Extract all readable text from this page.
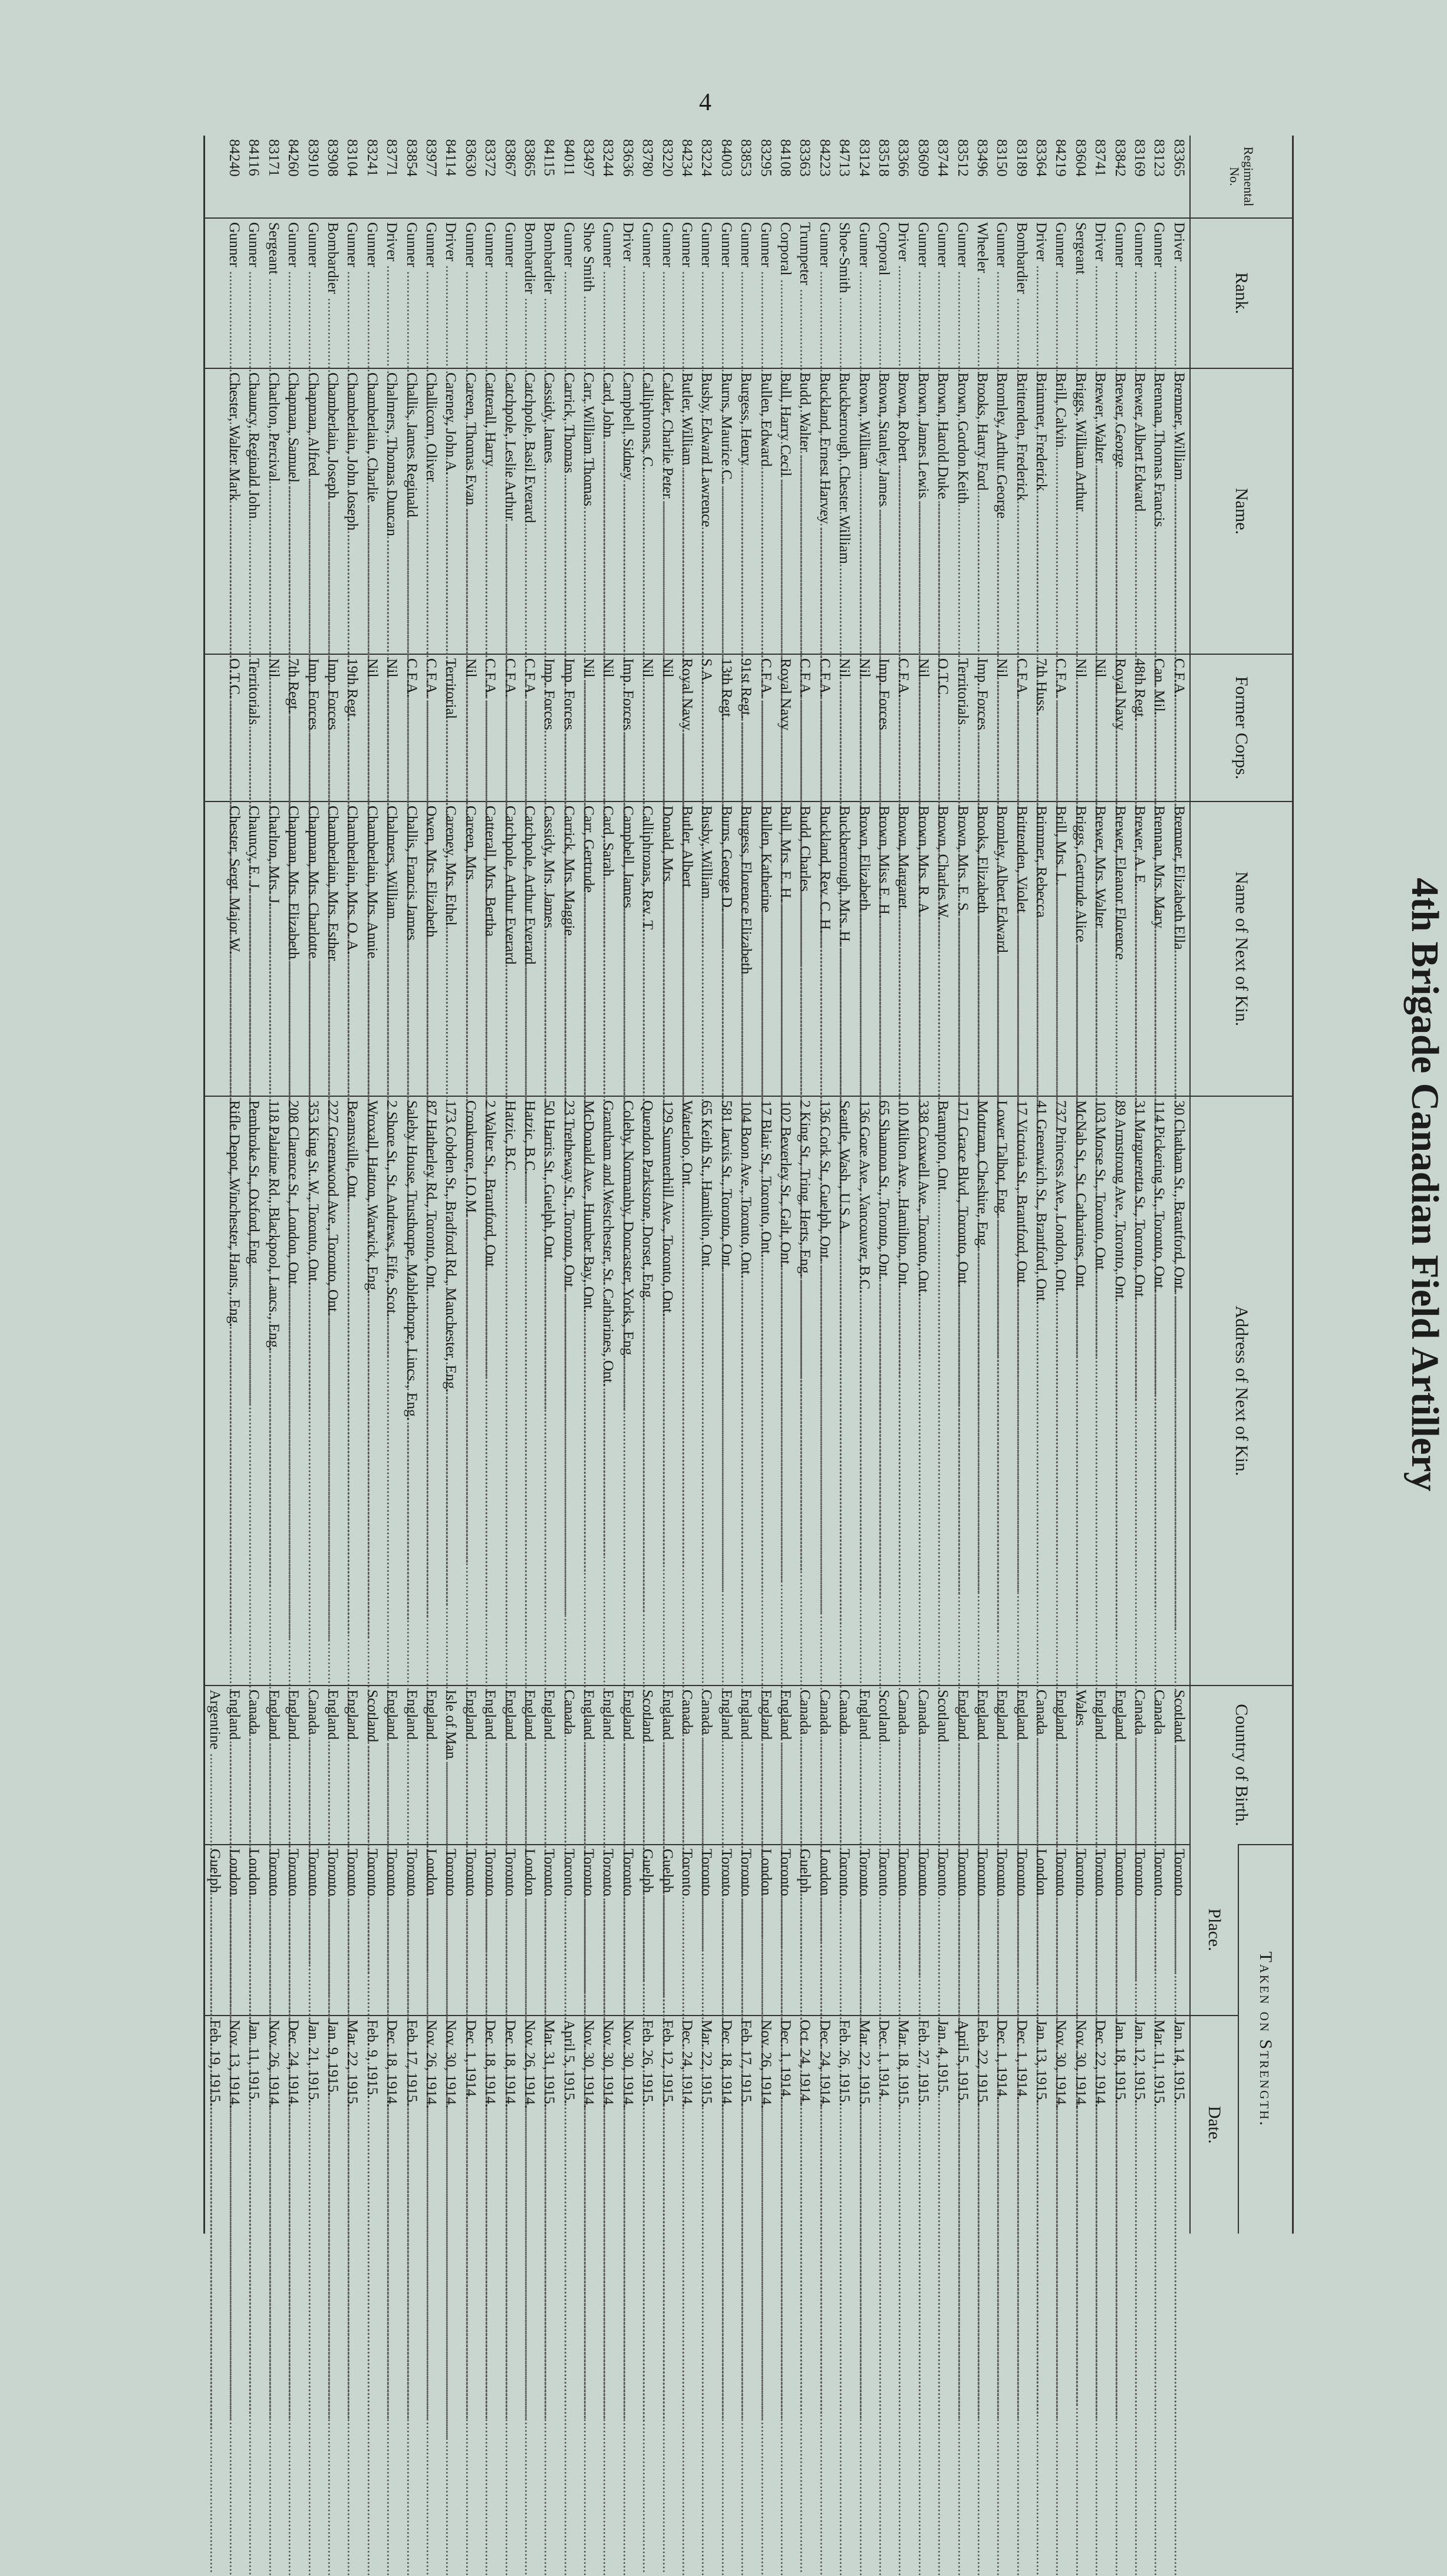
4
4th Brigade Canadian Field Artillery
Regimental No.	Rank.	Name.	Former Corps.	Name of Next of Kin.	Address of Next of Kin.	Country of Birth.	Taken on Strength.	
							Place.	Date.
83365	Driver .....	Bremner, William .....	C.F.A. .....	Bremner, Elizabeth Ella .....	30 Chatham St., Brantford, Ont. .....	Scotland .....	Toronto .....	Jan. 14, 1915.
83123	Gunner .....	Brennan, Thomas Francis .....	Can. Mil. .....	Brennan, Mrs. Mary .....	114 Pickering St., Toronto, Ont. .....	Canada .....	Toronto .....	Mar. 11, 1915.
83169	Gunner .....	Brewer, Albert Edward .....	48th Regt. .....	Brewer, A. E. .....	31 Margueretta St., Toronto, Ont. .....	Canada .....	Toronto .....	Jan. 12, 1915.
83842	Gunner .....	Brewer, George .....	Royal Navy .....	Brewer, Eleanor Florence .....	89 Armstrong Ave., Toronto, Ont. .....	England .....	Toronto .....	Jan. 18, 1915.
83741	Driver .....	Brewer, Walter .....	Nil .....	Brewer, Mrs. Walter .....	103 Morse St., Toronto, Ont. .....	England .....	Toronto .....	Dec. 22, 1914.
83604	Sergeant .....	Briggs, William Arthur .....	Nil .....	Briggs, Gertrude Alice .....	McNab St., St. Catharines, Ont. .....	Wales .....	Toronto .....	Nov. 30, 1914.
84219	Gunner .....	Brill, Calvin .....	C.F.A. .....	Brill, Mrs. L. .....	737 Princess Ave., London, Ont. .....	England .....	Toronto .....	Nov. 30, 1914.
83364	Driver .....	Brimmer, Frederick .....	7th Huss. .....	Brimmer, Rebecca .....	41 Greenwich St., Brantford, Ont. .....	Canada .....	London .....	Jan. 13, 1915.
83189	Bombardier .....	Brittenden, Frederick .....	C.F.A. .....	Brittenden, Violet .....	17 Victoria St., Brantford, Ont. .....	England .....	Toronto .....	Dec. 1, 1914.
83150	Gunner .....	Bromley, Arthur George .....	Nil .....	Bromley, Albert Edward .....	Lower Talbot, Eng. .....	England .....	Toronto .....	Dec. 1, 1914.
83496	Wheeler .....	Brooks, Harry Ford .....	Imp. Forces .....	Brooks, Elizabeth .....	Mottram, Cheshire, Eng. .....	England .....	Toronto .....	Feb. 22, 1915.
83512	Gunner .....	Brown, Gordon Keith .....	Territorials .....	Brown, Mrs. E. S. .....	171 Grace Blvd., Toronto, Ont. .....	England .....	Toronto .....	April 5, 1915.
83744	Gunner .....	Brown, Harold Duke .....	O.T.C. .....	Brown, Charles W. .....	Brampton, Ont. .....	Scotland .....	Toronto .....	Jan. 4, 1915.
83609	Gunner .....	Brown, James Lewis .....	Nil .....	Brown, Mrs. R. A. .....	338 Coxwell Ave., Toronto, Ont. .....	Canada .....	Toronto .....	Feb. 27, 1915.
83366	Driver .....	Brown, Robert .....	C.F.A. .....	Brown, Margaret .....	10 Milton Ave., Hamilton, Ont. .....	Canada .....	Toronto .....	Mar. 18, 1915.
83518	Corporal .....	Brown, Stanley James .....	Imp. Forces .....	Brown, Miss E. H. .....	65 Shannon St., Toronto, Ont. .....	Scotland .....	Toronto .....	Dec. 1, 1914.
83124	Gunner .....	Brown, William .....	Nil .....	Brown, Elizabeth .....	136 Gore Ave., Vancouver, B.C. .....	England .....	Toronto .....	Mar. 22, 1915.
84713	Shoe-Smith .....	Buckberrough, Chester William .....	Nil .....	Buckberrough, Mrs. H. .....	Seattle, Wash., U.S.A. .....	Canada .....	Toronto .....	Feb. 26, 1915.
84223	Gunner .....	Buckland, Ernest Harvey .....	C.F.A. .....	Buckland, Rev. C. H. .....	136 Cork St., Guelph, Ont. .....	Canada .....	London .....	Dec. 24, 1914.
83363	Trumpeter .....	Budd, Walter .....	C.F.A. .....	Budd, Charles .....	2 King St., Tring, Herts, Eng. .....	Canada .....	Guelph .....	Oct. 24, 1914.
84108	Corporal .....	Bull, Harry Cecil .....	Royal Navy .....	Bull, Mrs. E. H. .....	102 Beverley St., Galt, Ont. .....	England .....	Toronto .....	Dec. 1, 1914.
83295	Gunner .....	Bullen, Edward .....	C.F.A. .....	Bullen, Katherine .....	17 Blair St., Toronto, Ont. .....	England .....	London .....	Nov. 26, 1914.
83853	Gunner .....	Burgess, Henry .....	91st Regt. .....	Burgess, Florence Elizabeth .....	104 Boon Ave., Toronto, Ont. .....	England .....	Toronto .....	Feb. 17, 1915.
84003	Gunner .....	Burns, Maurice C. .....	13th Regt. .....	Burns, George D. .....	581 Jarvis St., Toronto, Ont. .....	England .....	Toronto .....	Dec. 18, 1914.
83224	Gunner .....	Busby, Edward Lawrence .....	S.A. .....	Busby, William .....	65 Keith St., Hamilton, Ont. .....	Canada .....	Toronto .....	Mar. 22, 1915.
84234	Gunner .....	Butler, William .....	Royal Navy .....	Butler, Albert .....	Waterloo, Ont. .....	Canada .....	Toronto .....	Dec. 24, 1914.
83220	Gunner .....	Calder, Charlie Peter .....	Nil .....	Donald, Mrs. .....	129 Summerhill Ave., Toronto, Ont. .....	England .....	Guelph .....	Feb. 12, 1915.
83780	Gunner .....	Calliphronas, C. .....	Nil .....	Calliphronas, Rev. T. .....	Quendon Parkstone, Dorset, Eng. .....	Scotland .....	Guelph .....	Feb. 26, 1915.
83636	Driver .....	Campbell, Sidney .....	Imp. Forces .....	Campbell, James .....	Coleby, Normanby, Doncaster, Yorks, Eng. .....	England .....	Toronto .....	Nov. 30, 1914.
83244	Gunner .....	Card, John .....	Nil .....	Card, Sarah .....	Grantham and Westchester, St. Catharines, Ont. .....	England .....	Toronto .....	Nov. 30, 1914.
83497	Shoe Smith .....	Carr, William Thomas .....	Nil .....	Carr, Gertrude .....	McDonald Ave., Humber Bay, Ont. .....	England .....	Toronto .....	Nov. 30, 1914.
84011	Gunner .....	Carrick, Thomas .....	Imp. Forces .....	Carrick, Mrs. Maggie .....	23 Tretheway St., Toronto, Ont. .....	Canada .....	Toronto .....	April 5, 1915.
84115	Bombardier .....	Cassidy, James .....	Imp. Forces .....	Cassidy, Mrs. James .....	50 Harris St., Guelph, Ont. .....	England .....	Toronto .....	Mar. 31, 1915.
83865	Bombardier .....	Catchpole, Basil Everard .....	C.F.A. .....	Catchpole, Arthur Everard .....	Hatzic, B.C. .....	England .....	London .....	Nov. 26, 1914.
83867	Gunner .....	Catchpole, Leslie Arthur .....	C.F.A. .....	Catchpole, Arthur Everard .....	Hatzic, B.C. .....	England .....	Toronto .....	Dec. 18, 1914.
83372	Gunner .....	Catterall, Harry .....	C.F.A. .....	Catterall, Mrs. Bertha .....	2 Walter St., Brantford, Ont. .....	England .....	Toronto .....	Dec. 18, 1914.
83630	Gunner .....	Careen, Thomas Evan .....	Nil .....	Careen, Mrs. .....	Cronkmore, I.O.M. .....	England .....	Toronto .....	Dec. 1, 1914.
84114	Driver .....	Careney, John A. .....	Territorial .....	Careney, Mrs. Ethel .....	173 Cobden St., Bradford Rd., Manchester, Eng. .....	Isle of Man .....	Toronto .....	Nov. 30, 1914.
83977	Gunner .....	Challicorn, Oliver .....	C.F.A. .....	Owen, Mrs. Elizabeth .....	87 Hatherley Rd., Toronto, Ont. .....	England .....	London .....	Nov. 26, 1914.
83854	Gunner .....	Challis, James Reginald .....	C.F.A. .....	Challis, Francis James .....	Saleby House, Trusthorpe, Mablethorpe, Lincs., Eng. .....	England .....	Toronto .....	Feb. 17, 1915.
83771	Driver .....	Chalmers, Thomas Duncan .....	Nil .....	Chalmers, William .....	2 Shore St., St. Andrews, Fife, Scot. .....	England .....	Toronto .....	Dec. 18, 1914.
83241	Gunner .....	Chamberlain, Charlie .....	Nil .....	Chamberlain, Mrs. Annie .....	Wroxall, Hatton, Warwick, Eng. .....	Scotland .....	Toronto .....	Feb. 9, 1915.
83104	Gunner .....	Chamberlain, John Joseph .....	19th Regt. .....	Chamberlain, Mrs. O. A. .....	Beamsville, Ont. .....	England .....	Toronto .....	Mar. 22, 1915.
83908	Bombardier .....	Chamberlain, Joseph .....	Imp. Forces .....	Chamberlain, Mrs. Esther .....	227 Greenwood Ave., Toronto, Ont. .....	England .....	Toronto .....	Jan. 9, 1915.
83910	Gunner .....	Chapman, Alfred .....	Imp. Forces .....	Chapman, Mrs. Charlotte .....	353 King St. W., Toronto, Ont. .....	Canada .....	Toronto .....	Jan. 21, 1915.
84260	Gunner .....	Chapman, Samuel .....	7th Regt. .....	Chapman, Mrs. Elizabeth .....	208 Clarence St., London, Ont. .....	England .....	Toronto .....	Dec. 24, 1914.
83171	Sergeant .....	Charlton, Percival .....	Nil .....	Charlton, Mrs. J. .....	118 Palatine Rd., Blackpool, Lancs., Eng. .....	England .....	Toronto .....	Nov. 26, 1914.
84116	Gunner .....	Chauncy, Reginald John .....	Territorials .....	Chauncy, E. J. .....	Pembroke St., Oxford, Eng. .....	Canada .....	London .....	Jan. 11, 1915.
84240	Gunner .....	Chester, Walter Mark .....	O.T.C. .....	Chester, Sergt. Major W. .....	Rifle Depot, Winchester, Hants., Eng. .....	England .....	London .....	Nov. 13, 1914.
						Argentine .....	Guelph .....	Feb. 19, 1915.
